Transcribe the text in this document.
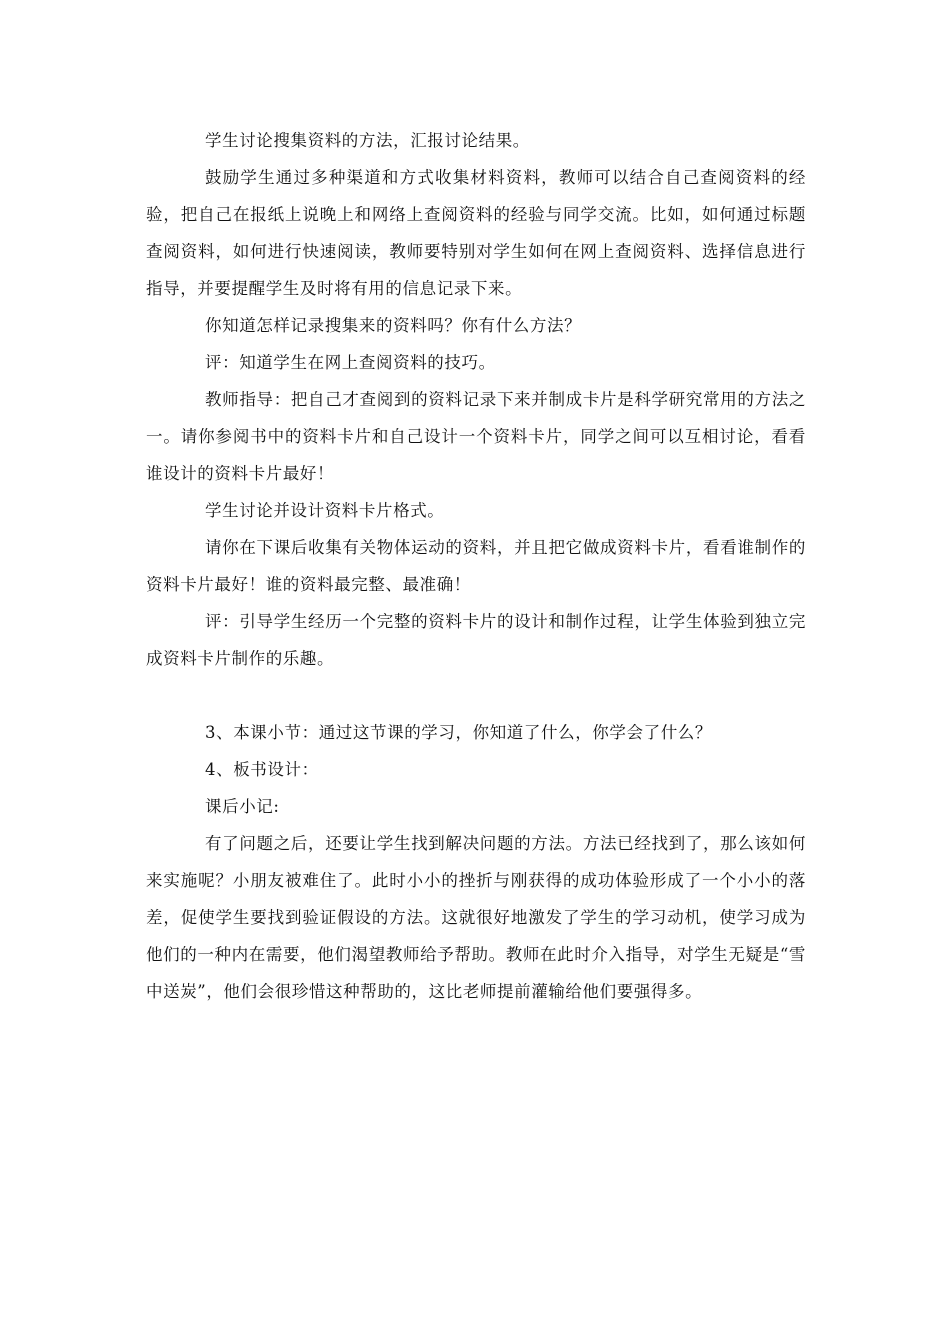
学生讨论搜集资料的方法，汇报讨论结果。

鼓励学生通过多种渠道和方式收集材料资料，教师可以结合自己查阅资料的经验，把自己在报纸上说晚上和网络上查阅资料的经验与同学交流。比如，如何通过标题查阅资料，如何进行快速阅读，教师要特别对学生如何在网上查阅资料、选择信息进行指导，并要提醒学生及时将有用的信息记录下来。

你知道怎样记录搜集来的资料吗？你有什么方法？

评：知道学生在网上查阅资料的技巧。

教师指导：把自己才查阅到的资料记录下来并制成卡片是科学研究常用的方法之一。请你参阅书中的资料卡片和自己设计一个资料卡片，同学之间可以互相讨论，看看谁设计的资料卡片最好！

学生讨论并设计资料卡片格式。

请你在下课后收集有关物体运动的资料，并且把它做成资料卡片，看看谁制作的资料卡片最好！谁的资料最完整、最准确！

评：引导学生经历一个完整的资料卡片的设计和制作过程，让学生体验到独立完成资料卡片制作的乐趣。

3、本课小节：通过这节课的学习，你知道了什么，你学会了什么？

4、板书设计：

课后小记:

有了问题之后，还要让学生找到解决问题的方法。方法已经找到了，那么该如何来实施呢？小朋友被难住了。此时小小的挫折与刚获得的成功体验形成了一个小小的落差，促使学生要找到验证假设的方法。这就很好地激发了学生的学习动机，使学习成为他们的一种内在需要，他们渴望教师给予帮助。教师在此时介入指导，对学生无疑是“雪中送炭”，他们会很珍惜这种帮助的，这比老师提前灌输给他们要强得多。
